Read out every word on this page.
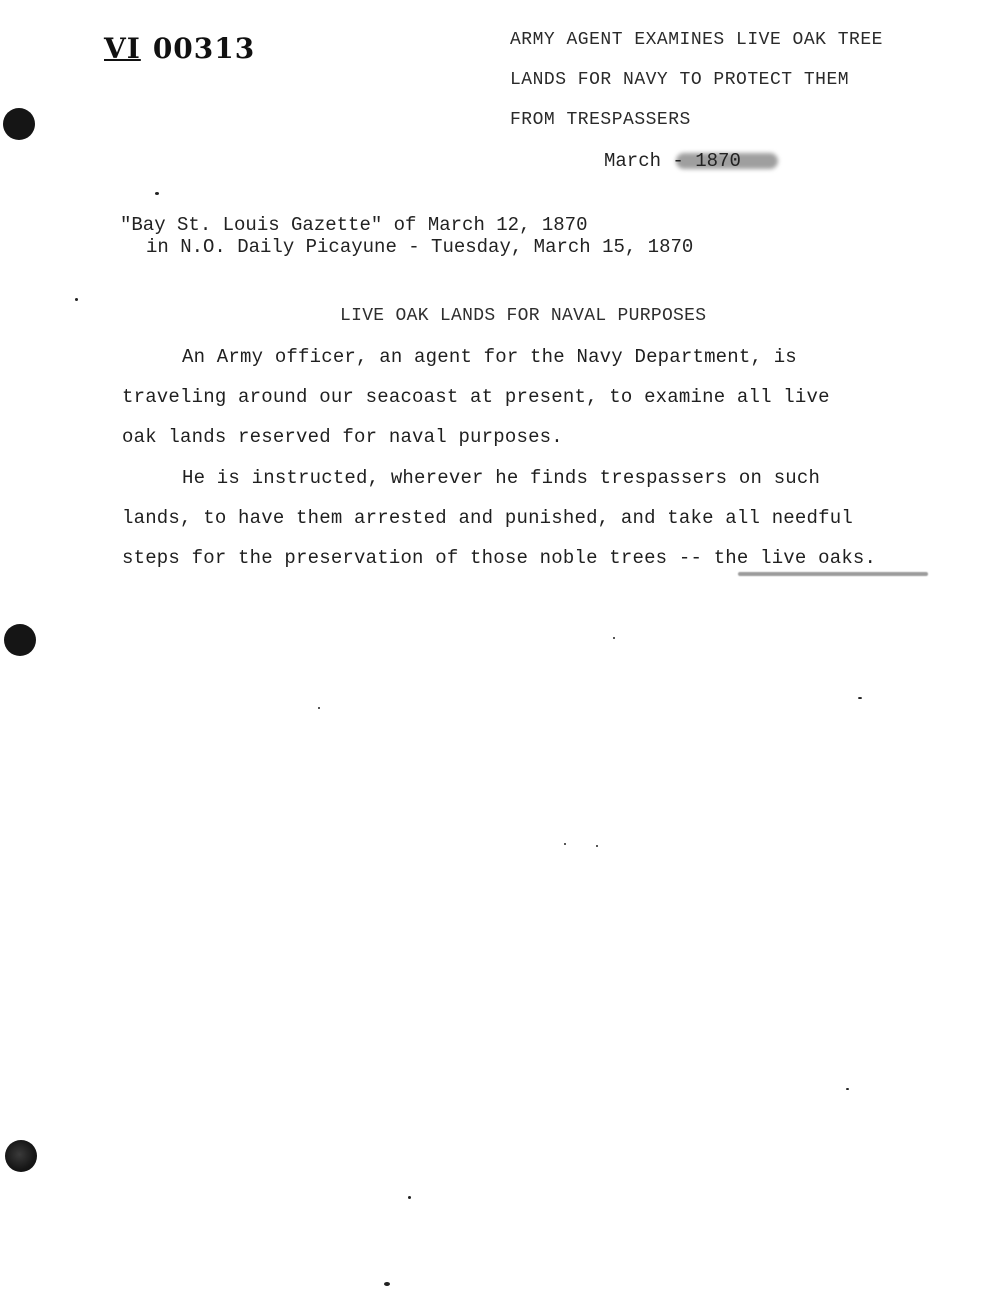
VI 00313	ARMY AGENT EXAMINES LIVE OAK TREE
LANDS FOR NAVY TO PROTECT THEM
FROM TRESPASSERS
March - 1870
"Bay St. Louis Gazette" of March 12, 1870
in N.O. Daily Picayune - Tuesday, March 15, 1870
LIVE OAK LANDS FOR NAVAL PURPOSES
An Army officer, an agent for the Navy Department, is
traveling around our seacoast at present, to examine all live
oak lands reserved for naval purposes.
He is instructed, wherever he finds trespassers on such
lands, to have them arrested and punished, and take all needful
steps for the preservation of those noble trees -- the live oaks.
